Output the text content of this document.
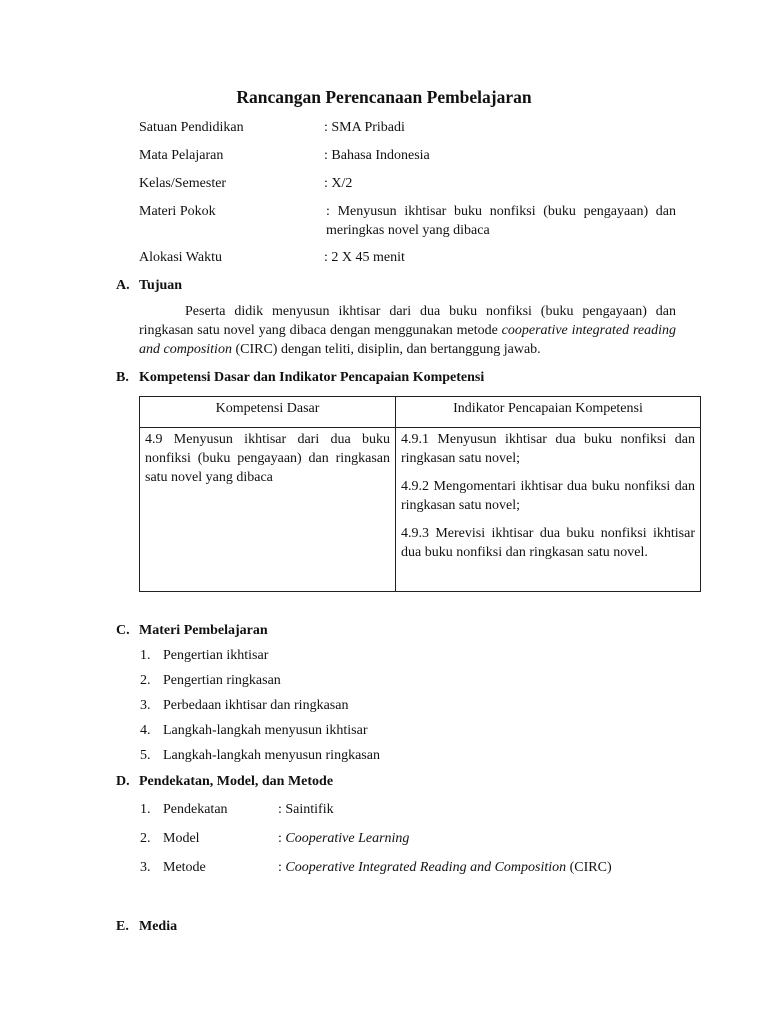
Rancangan Perencanaan Pembelajaran
Satuan Pendidikan	: SMA Pribadi
Mata Pelajaran	: Bahasa Indonesia
Kelas/Semester	: X/2
Materi Pokok	: Menyusun ikhtisar buku nonfiksi (buku pengayaan) dan meringkas novel yang dibaca
Alokasi Waktu	: 2 X 45 menit
A. Tujuan
Peserta didik menyusun ikhtisar dari dua buku nonfiksi (buku pengayaan) dan ringkasan satu novel yang dibaca dengan menggunakan metode cooperative integrated reading and composition (CIRC) dengan teliti, disiplin, dan bertanggung jawab.
B. Kompetensi Dasar dan Indikator Pencapaian Kompetensi
Kompetensi Dasar	Indikator Pencapaian Kompetensi
4.9 Menyusun ikhtisar dari dua buku nonfiksi (buku pengayaan) dan ringkasan satu novel yang dibaca	4.9.1 Menyusun ikhtisar dua buku nonfiksi dan ringkasan satu novel;

4.9.2 Mengomentari ikhtisar dua buku nonfiksi dan ringkasan satu novel;

4.9.3 Merevisi ikhtisar dua buku nonfiksi ikhtisar dua buku nonfiksi dan ringkasan satu novel.

C. Materi Pembelajaran
1. Pengertian ikhtisar
2. Pengertian ringkasan
3. Perbedaan ikhtisar dan ringkasan
4. Langkah-langkah menyusun ikhtisar
5. Langkah-langkah menyusun ringkasan
D. Pendekatan, Model, dan Metode
1. Pendekatan	: Saintifik
2. Model	: Cooperative Learning
3. Metode	: Cooperative Integrated Reading and Composition (CIRC)
E. Media
